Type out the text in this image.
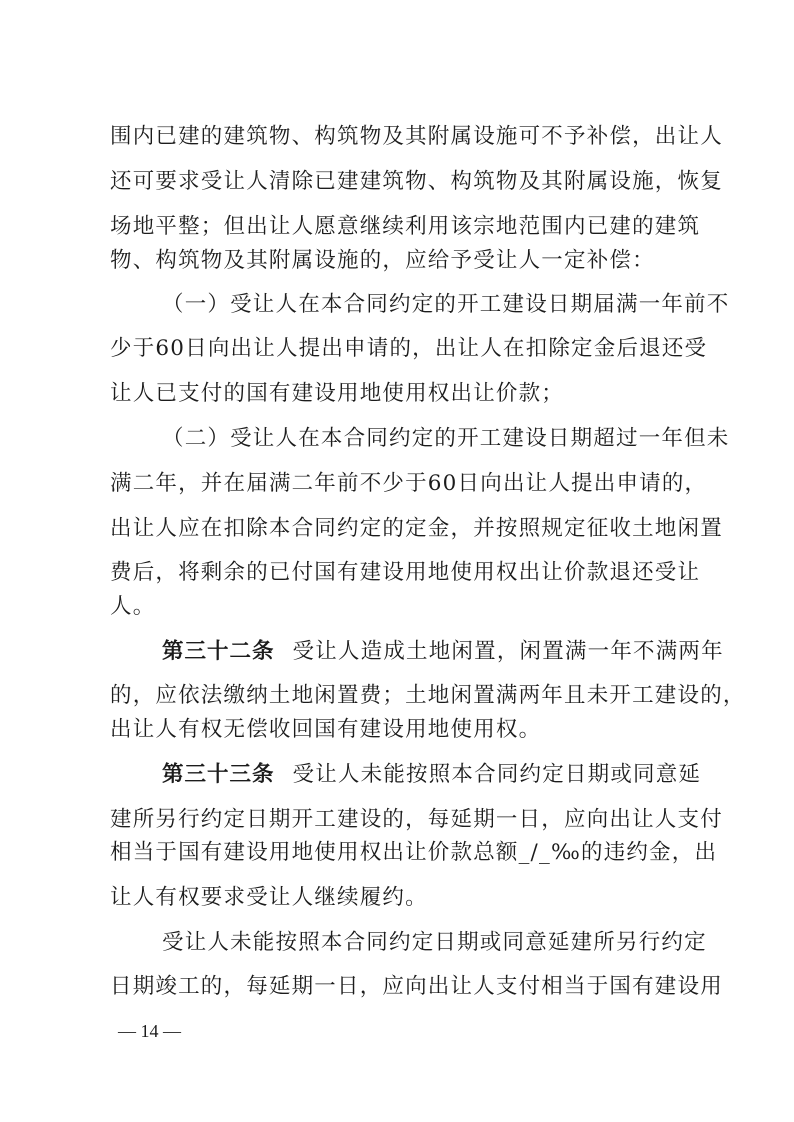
围内已建的建筑物、构筑物及其附属设施可不予补偿，出让人
还可要求受让人清除已建建筑物、构筑物及其附属设施，恢复
场地平整；但出让人愿意继续利用该宗地范围内已建的建筑
物、构筑物及其附属设施的，应给予受让人一定补偿：
（一）受让人在本合同约定的开工建设日期届满一年前不
少于60日向出让人提出申请的，出让人在扣除定金后退还受
让人已支付的国有建设用地使用权出让价款；
（二）受让人在本合同约定的开工建设日期超过一年但未
满二年，并在届满二年前不少于60日向出让人提出申请的，
出让人应在扣除本合同约定的定金，并按照规定征收土地闲置
费后，将剩余的已付国有建设用地使用权出让价款退还受让
人。
第三十二条 受让人造成土地闲置，闲置满一年不满两年
的，应依法缴纳土地闲置费；土地闲置满两年且未开工建设的，
出让人有权无偿收回国有建设用地使用权。
第三十三条 受让人未能按照本合同约定日期或同意延
建所另行约定日期开工建设的，每延期一日，应向出让人支付
相当于国有建设用地使用权出让价款总额_/_‰的违约金，出
让人有权要求受让人继续履约。
受让人未能按照本合同约定日期或同意延建所另行约定
日期竣工的，每延期一日，应向出让人支付相当于国有建设用
— 14 —
